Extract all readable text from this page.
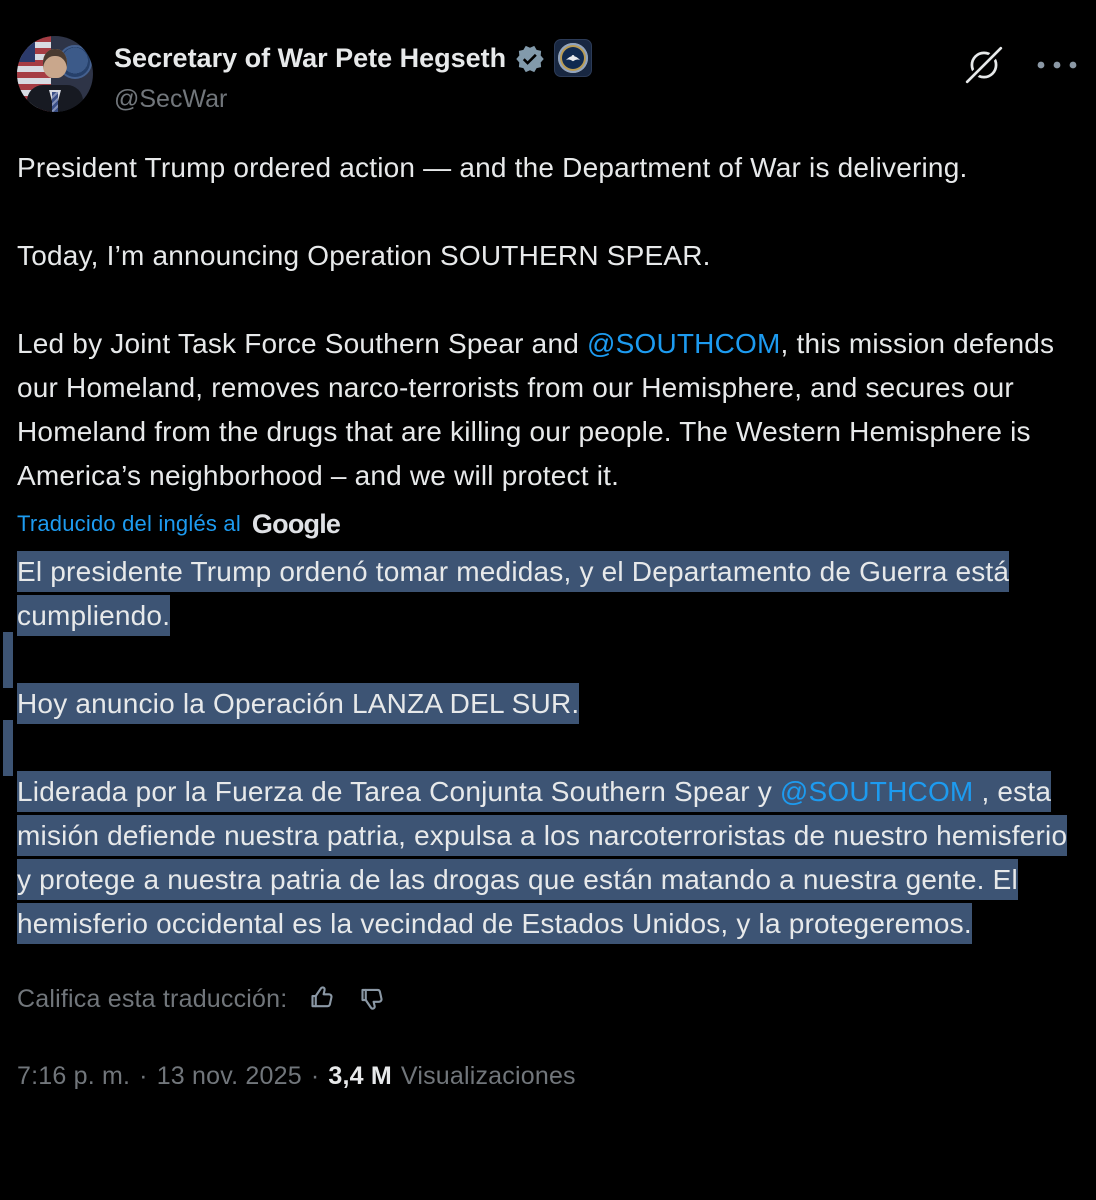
Secretary of War Pete Hegseth
@SecWar

President Trump ordered action — and the Department of War is delivering.

Today, I’m announcing Operation SOUTHERN SPEAR.

Led by Joint Task Force Southern Spear and @SOUTHCOM, this mission defends our Homeland, removes narco-terrorists from our Hemisphere, and secures our Homeland from the drugs that are killing our people. The Western Hemisphere is America’s neighborhood – and we will protect it.

Traducido del inglés al Google

El presidente Trump ordenó tomar medidas, y el Departamento de Guerra está cumpliendo.

Hoy anuncio la Operación LANZA DEL SUR.

Liderada por la Fuerza de Tarea Conjunta Southern Spear y @SOUTHCOM , esta misión defiende nuestra patria, expulsa a los narcoterroristas de nuestro hemisferio y protege a nuestra patria de las drogas que están matando a nuestra gente. El hemisferio occidental es la vecindad de Estados Unidos, y la protegeremos.

Califica esta traducción:
7:16 p. m. · 13 nov. 2025 · 3,4 M Visualizaciones
